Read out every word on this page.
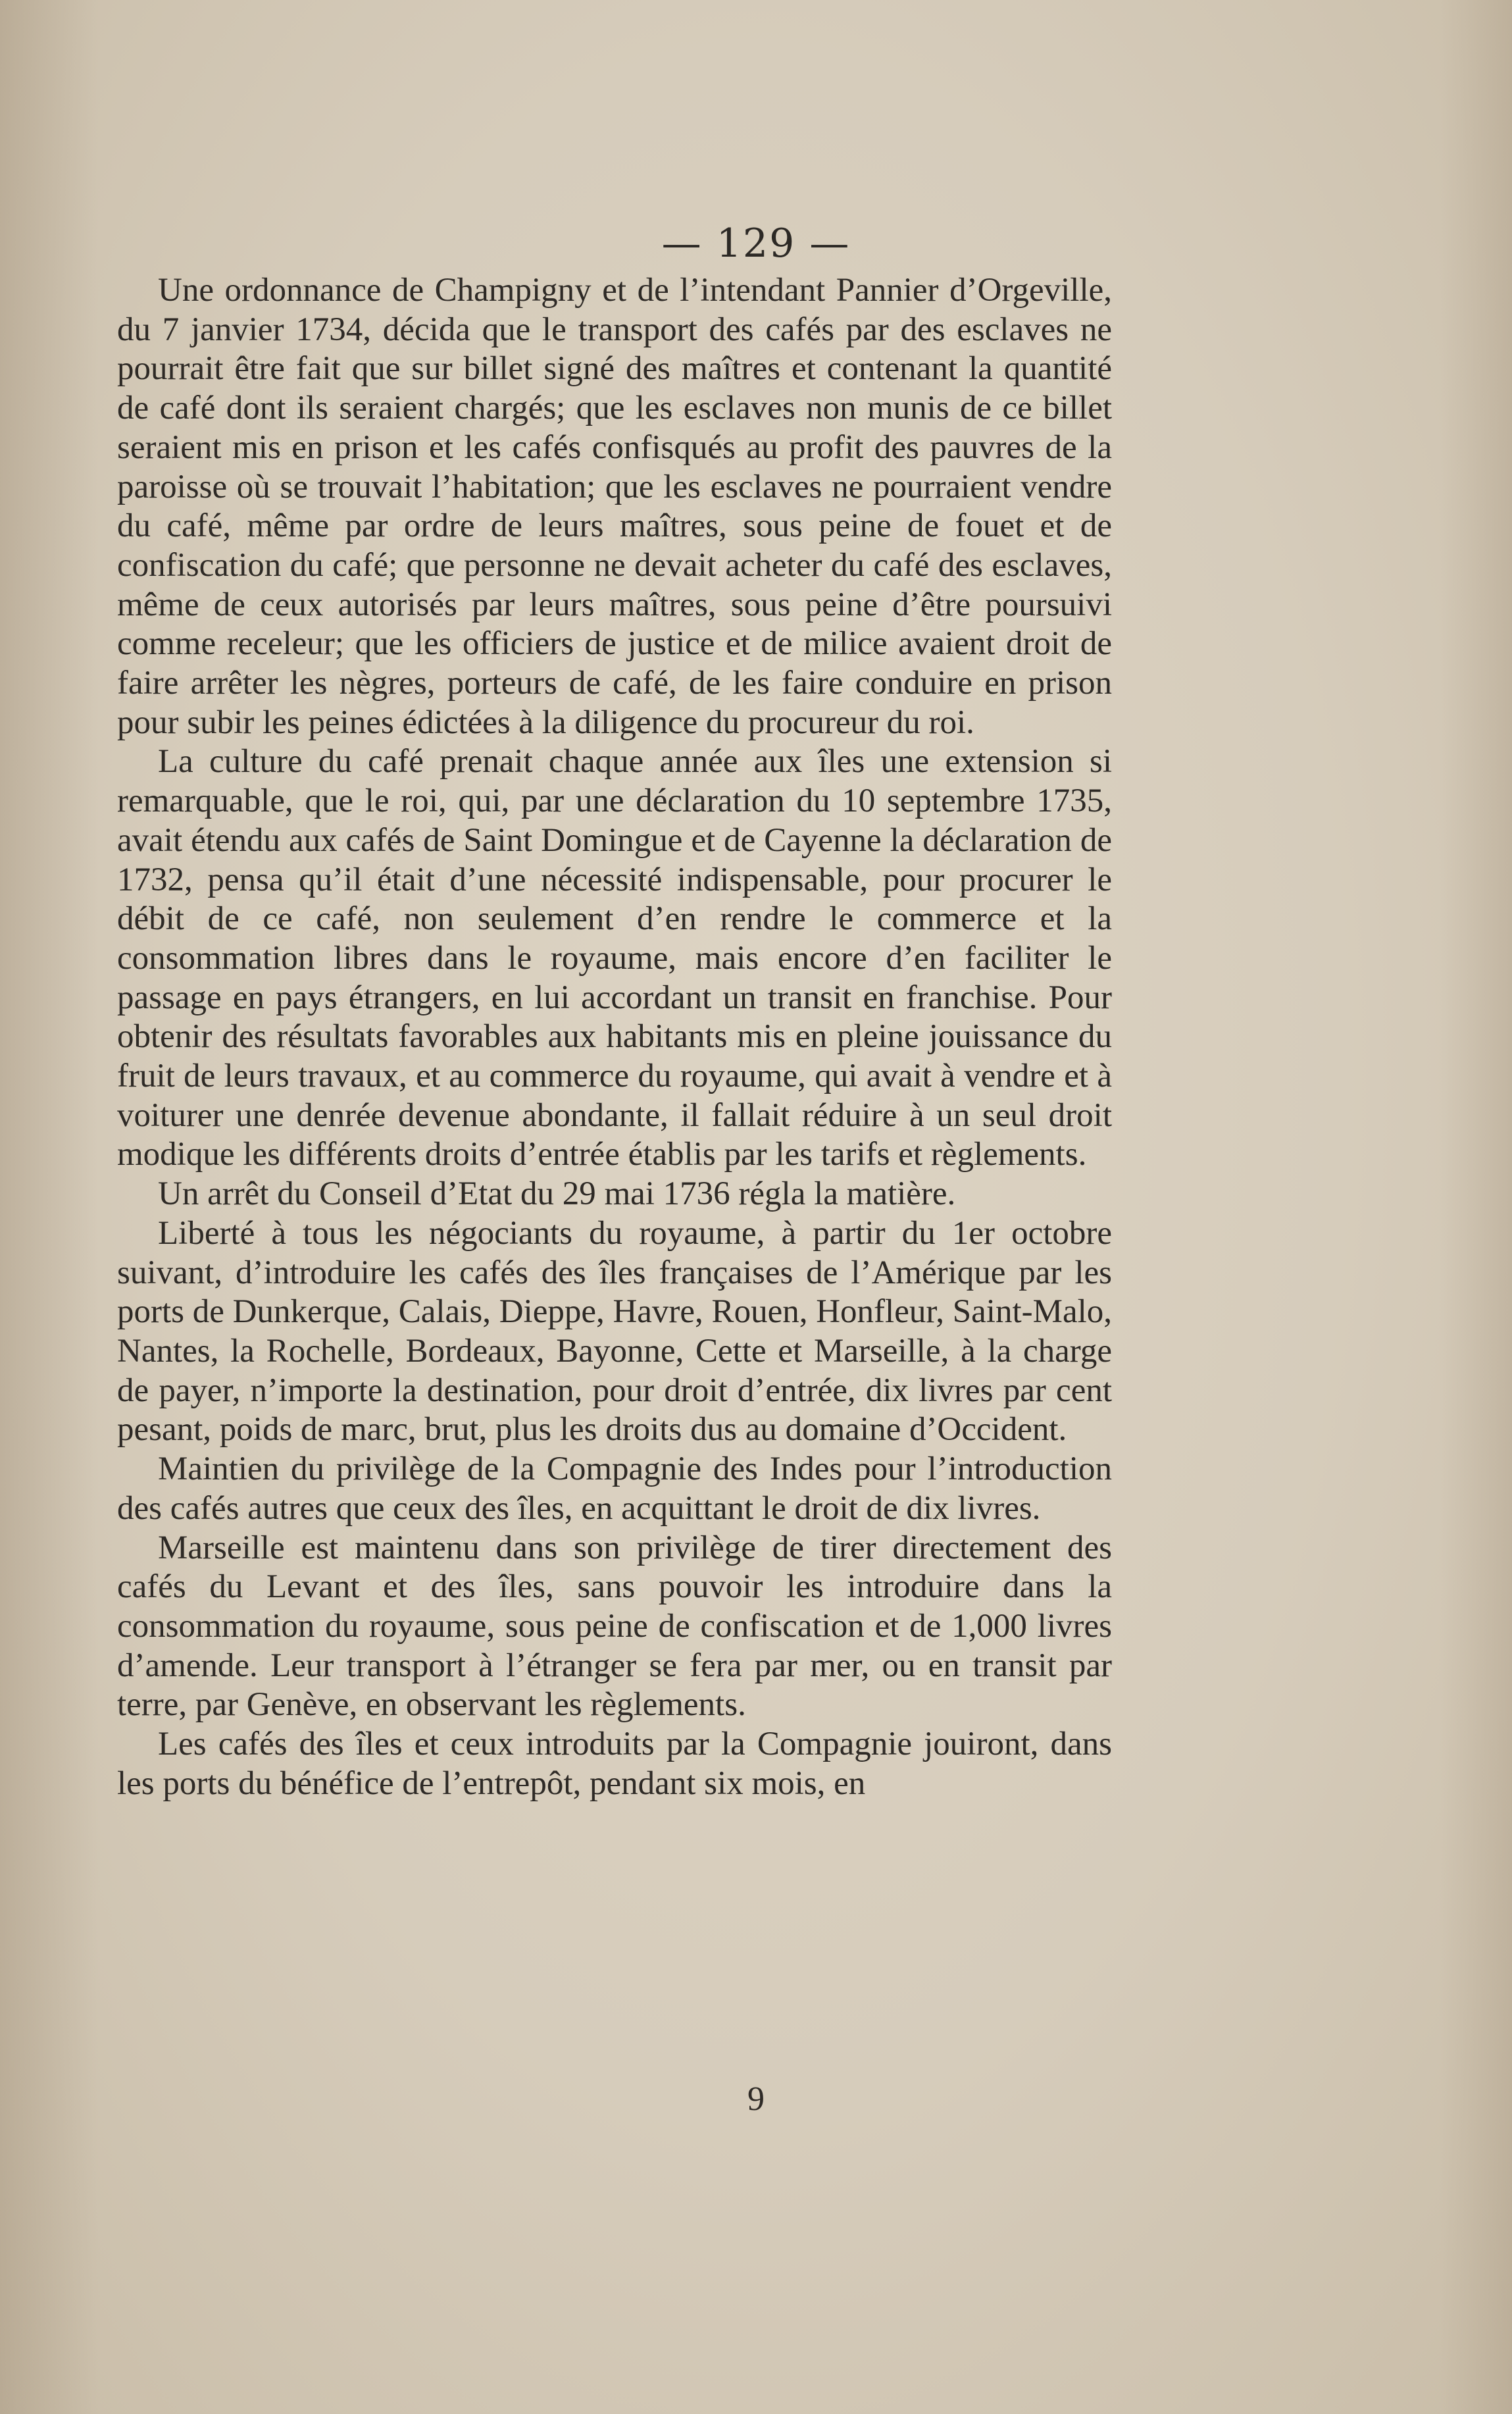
— 129 —

Une ordonnance de Champigny et de l’intendant Pannier d’Orgeville, du 7 janvier 1734, décida que le transport des cafés par des esclaves ne pourrait être fait que sur billet signé des maîtres et contenant la quantité de café dont ils seraient chargés; que les esclaves non munis de ce billet seraient mis en prison et les cafés confisqués au profit des pauvres de la paroisse où se trouvait l’habitation; que les esclaves ne pourraient vendre du café, même par ordre de leurs maîtres, sous peine de fouet et de confiscation du café; que personne ne devait acheter du café des esclaves, même de ceux autorisés par leurs maîtres, sous peine d’être poursuivi comme receleur; que les officiers de justice et de milice avaient droit de faire arrêter les nègres, porteurs de café, de les faire conduire en prison pour subir les peines édictées à la diligence du procureur du roi.

La culture du café prenait chaque année aux îles une extension si remarquable, que le roi, qui, par une déclaration du 10 septembre 1735, avait étendu aux cafés de Saint Domingue et de Cayenne la déclaration de 1732, pensa qu’il était d’une nécessité indispensable, pour procurer le débit de ce café, non seulement d’en rendre le commerce et la consommation libres dans le royaume, mais encore d’en faciliter le passage en pays étrangers, en lui accordant un transit en franchise. Pour obtenir des résultats favorables aux habitants mis en pleine jouissance du fruit de leurs travaux, et au commerce du royaume, qui avait à vendre et à voiturer une denrée devenue abondante, il fallait réduire à un seul droit modique les différents droits d’entrée établis par les tarifs et règlements.

Un arrêt du Conseil d’Etat du 29 mai 1736 régla la matière.

Liberté à tous les négociants du royaume, à partir du 1er octobre suivant, d’introduire les cafés des îles françaises de l’Amérique par les ports de Dunkerque, Calais, Dieppe, Havre, Rouen, Honfleur, Saint-Malo, Nantes, la Rochelle, Bordeaux, Bayonne, Cette et Marseille, à la charge de payer, n’importe la destination, pour droit d’entrée, dix livres par cent pesant, poids de marc, brut, plus les droits dus au domaine d’Occident.

Maintien du privilège de la Compagnie des Indes pour l’introduction des cafés autres que ceux des îles, en acquittant le droit de dix livres.

Marseille est maintenu dans son privilège de tirer directement des cafés du Levant et des îles, sans pouvoir les introduire dans la consommation du royaume, sous peine de confiscation et de 1,000 livres d’amende. Leur transport à l’étranger se fera par mer, ou en transit par terre, par Genève, en observant les règlements.

Les cafés des îles et ceux introduits par la Compagnie jouiront, dans les ports du bénéfice de l’entrepôt, pendant six mois, en

9
